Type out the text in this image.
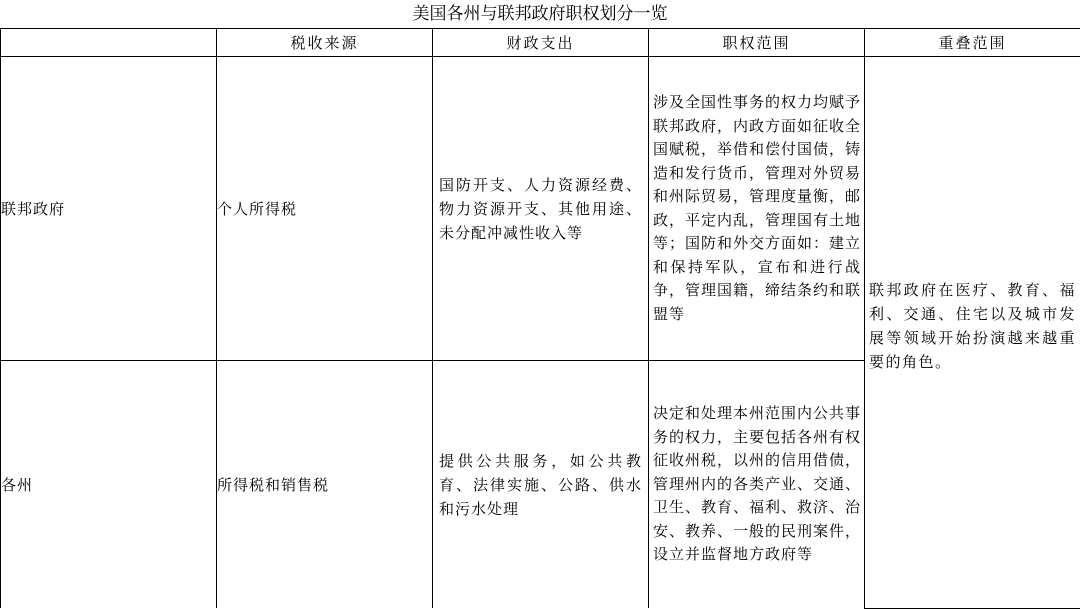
美国各州与联邦政府职权划分一览
	税收来源	财政支出	职权范围	重叠范围
联邦政府	个人所得税	国防开支、人力资源经费、物力资源开支、其他用途、未分配冲减性收入等	涉及全国性事务的权力均赋予联邦政府，内政方面如征收全国赋税，举借和偿付国债，铸造和发行货币，管理对外贸易和州际贸易，管理度量衡，邮政，平定内乱，管理国有土地等；国防和外交方面如：建立和保持军队，宣布和进行战争，管理国籍，缔结条约和联盟等	联邦政府在医疗、教育、福利、交通、住宅以及城市发展等领域开始扮演越来越重要的角色。

各州	所得税和销售税	提供公共服务，如公共教育、法律实施、公路、供水和污水处理	决定和处理本州范围内公共事务的权力，主要包括各州有权征收州税，以州的信用借债，管理州内的各类产业、交通、卫生、教育、福利、救济、治安、教养、一般的民刑案件，设立并监督地方政府等	
